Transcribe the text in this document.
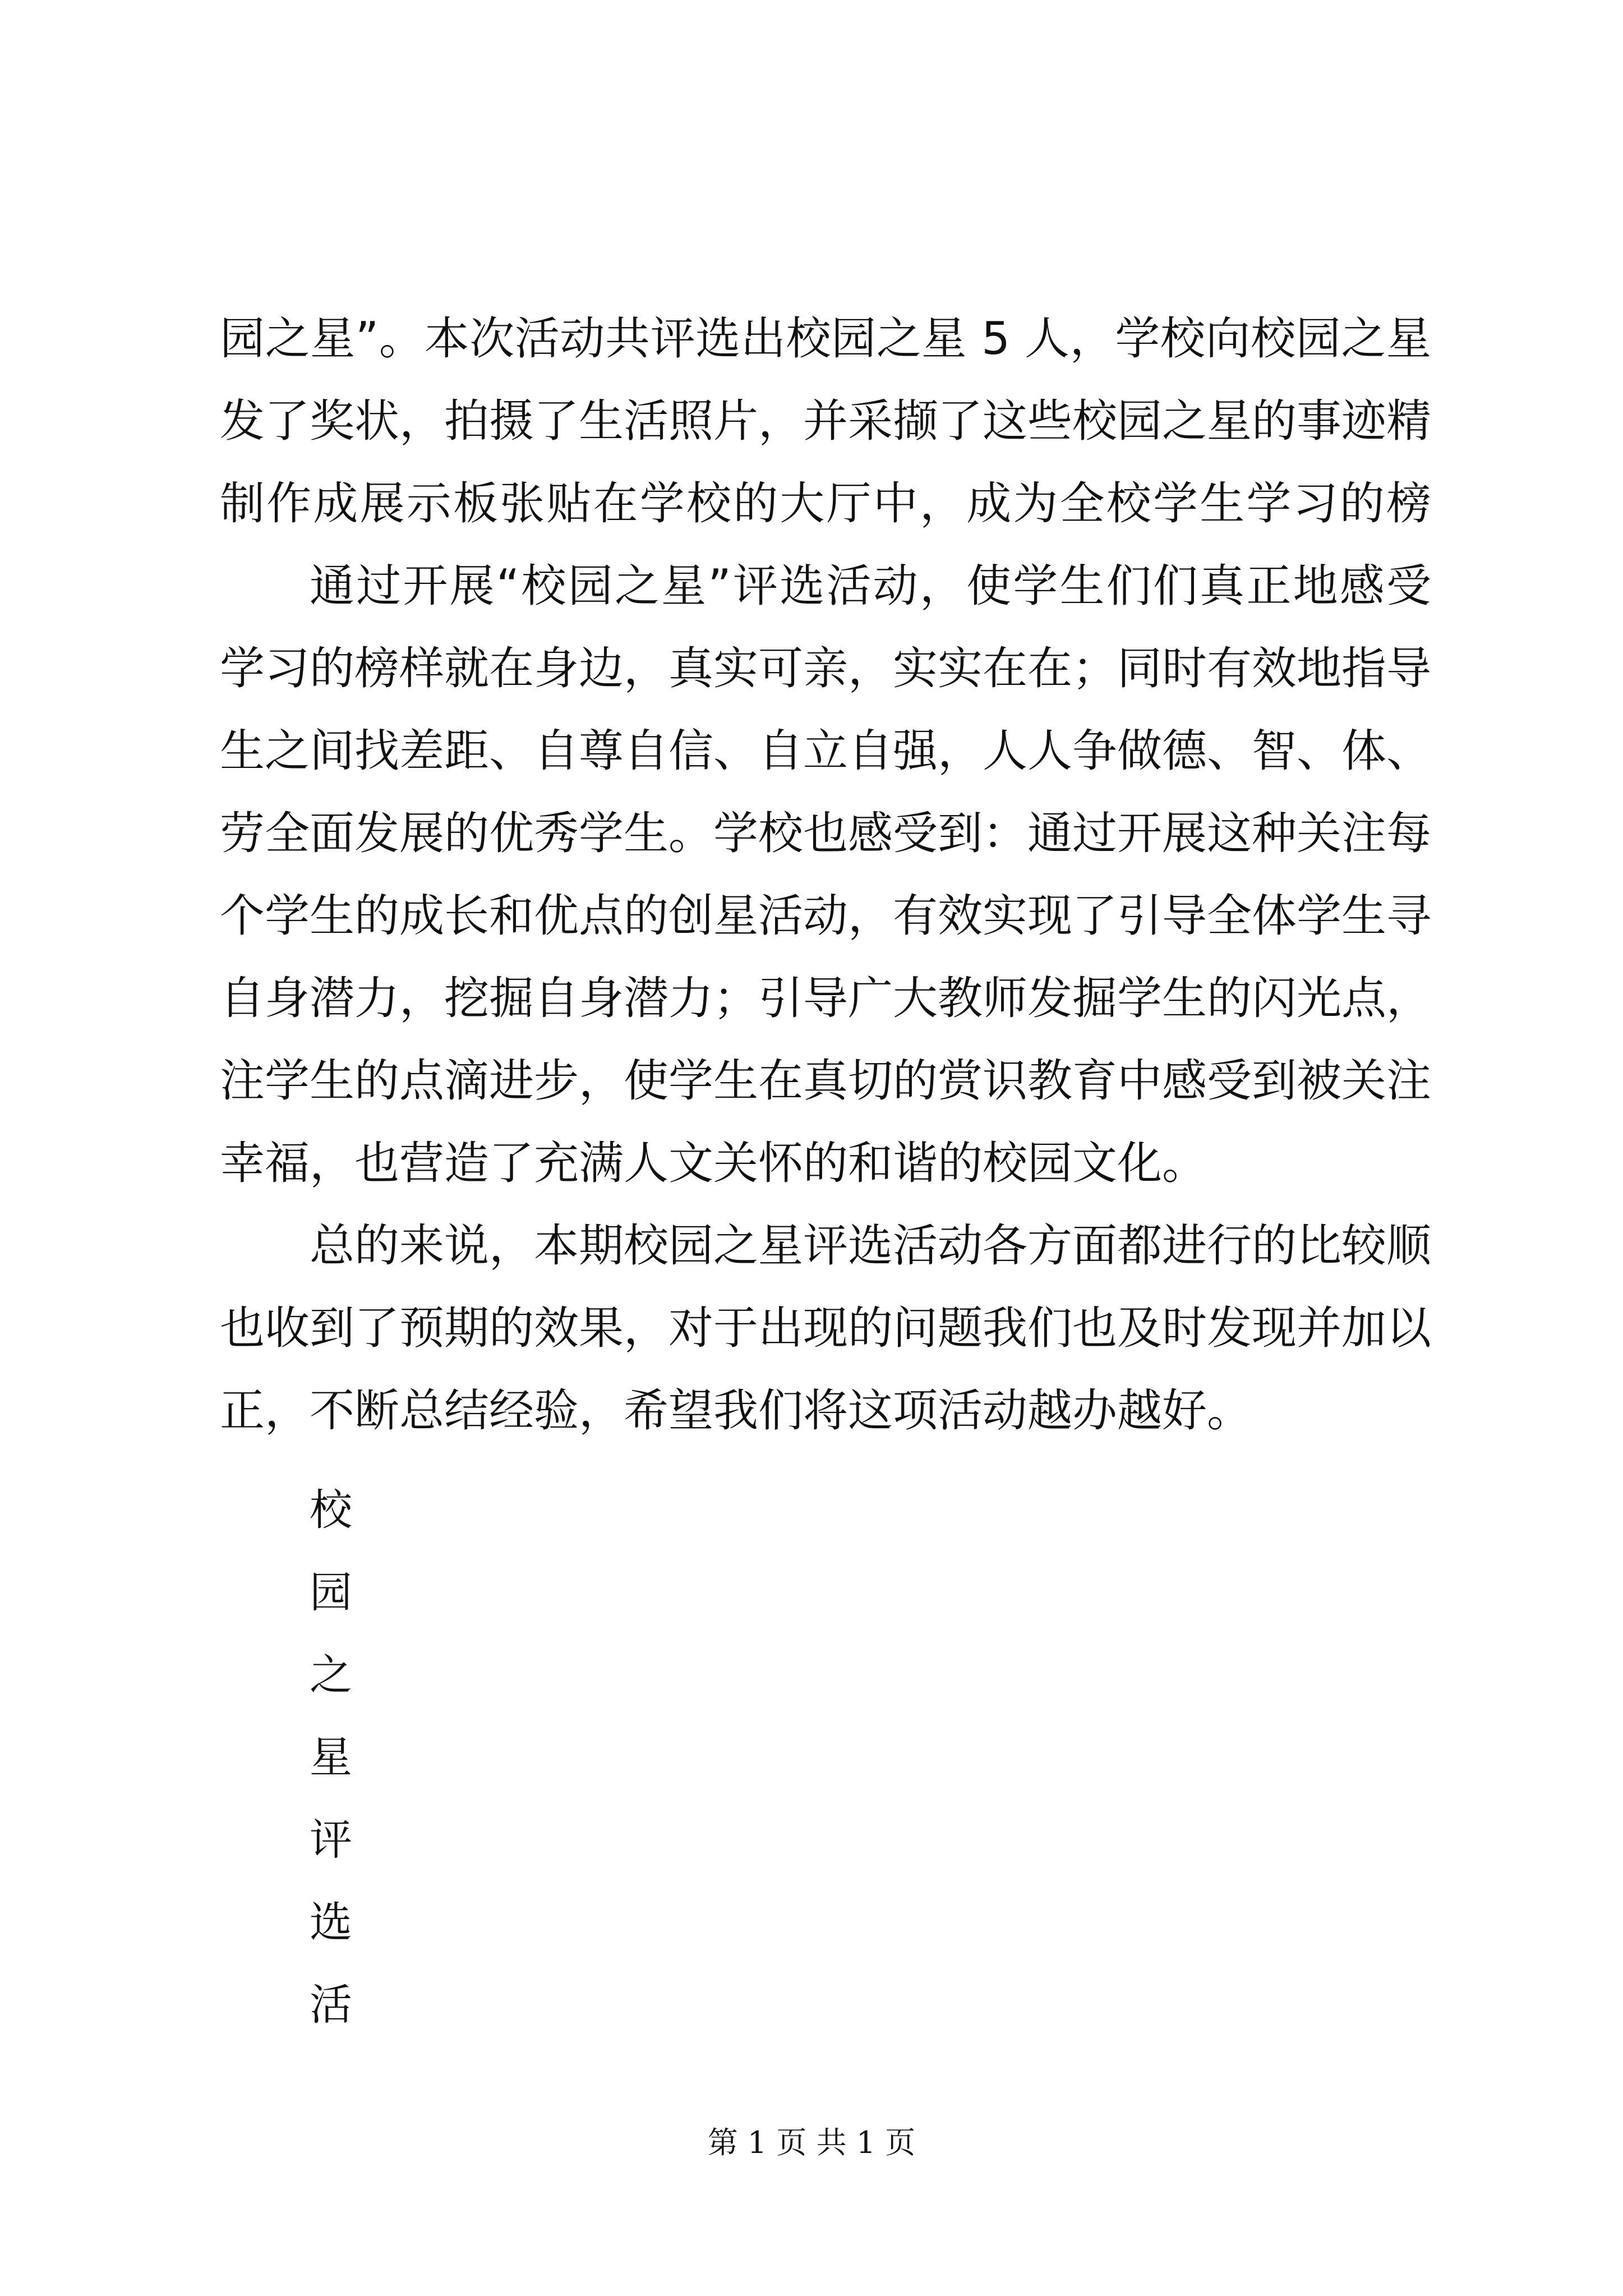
园之星”。本次活动共评选出校园之星 5 人，学校向校园之星
发了奖状，拍摄了生活照片，并采撷了这些校园之星的事迹精
制作成展示板张贴在学校的大厅中，成为全校学生学习的榜
通过开展“校园之星”评选活动，使学生们们真正地感受
学习的榜样就在身边，真实可亲，实实在在；同时有效地指导
生之间找差距、自尊自信、自立自强，人人争做德、智、体、
劳全面发展的优秀学生。学校也感受到：通过开展这种关注每
个学生的成长和优点的创星活动，有效实现了引导全体学生寻
自身潜力，挖掘自身潜力；引导广大教师发掘学生的闪光点，
注学生的点滴进步，使学生在真切的赏识教育中感受到被关注
幸福，也营造了充满人文关怀的和谐的校园文化。
总的来说，本期校园之星评选活动各方面都进行的比较顺
也收到了预期的效果，对于出现的问题我们也及时发现并加以
正，不断总结经验，希望我们将这项活动越办越好。
校
园
之
星
评
选
活
第 1 页 共 1 页
